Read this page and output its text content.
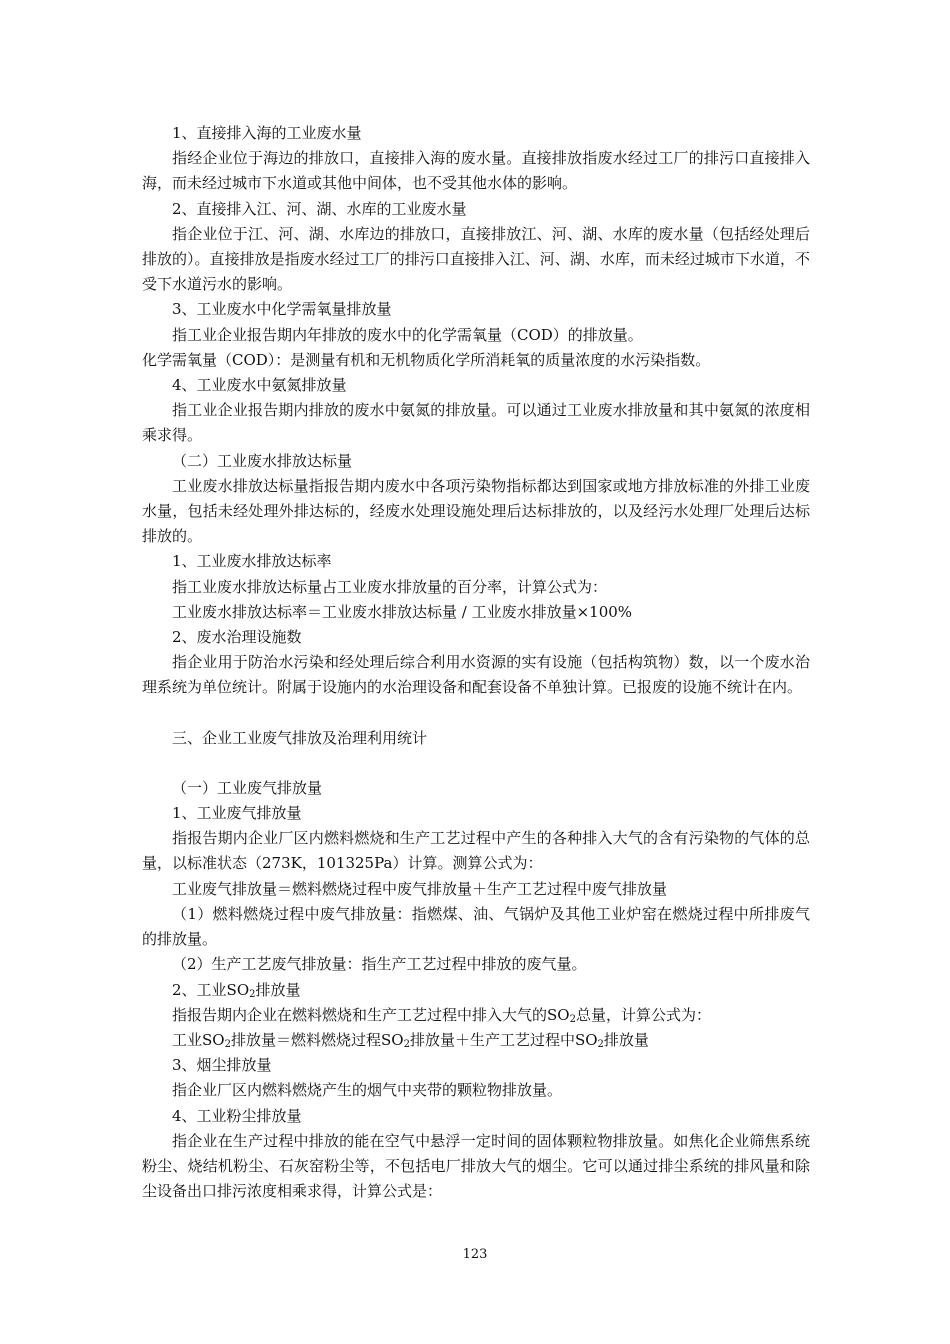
1、直接排入海的工业废水量

指经企业位于海边的排放口，直接排入海的废水量。直接排放指废水经过工厂的排污口直接排入海，而未经过城市下水道或其他中间体，也不受其他水体的影响。

2、直接排入江、河、湖、水库的工业废水量

指企业位于江、河、湖、水库边的排放口，直接排放江、河、湖、水库的废水量（包括经处理后排放的）。直接排放是指废水经过工厂的排污口直接排入江、河、湖、水库，而未经过城市下水道，不受下水道污水的影响。

3、工业废水中化学需氧量排放量

指工业企业报告期内年排放的废水中的化学需氧量（COD）的排放量。

化学需氧量（COD）：是测量有机和无机物质化学所消耗氧的质量浓度的水污染指数。

4、工业废水中氨氮排放量

指工业企业报告期内排放的废水中氨氮的排放量。可以通过工业废水排放量和其中氨氮的浓度相乘求得。

（二）工业废水排放达标量

工业废水排放达标量指报告期内废水中各项污染物指标都达到国家或地方排放标准的外排工业废水量，包括未经处理外排达标的，经废水处理设施处理后达标排放的，以及经污水处理厂处理后达标排放的。

1、工业废水排放达标率

指工业废水排放达标量占工业废水排放量的百分率，计算公式为：

工业废水排放达标率＝工业废水排放达标量 / 工业废水排放量×100%

2、废水治理设施数

指企业用于防治水污染和经处理后综合利用水资源的实有设施（包括构筑物）数，以一个废水治理系统为单位统计。附属于设施内的水治理设备和配套设备不单独计算。已报废的设施不统计在内。

三、企业工业废气排放及治理利用统计

（一）工业废气排放量

1、工业废气排放量

指报告期内企业厂区内燃料燃烧和生产工艺过程中产生的各种排入大气的含有污染物的气体的总量，以标准状态（273K，101325Pa）计算。测算公式为：

工业废气排放量＝燃料燃烧过程中废气排放量＋生产工艺过程中废气排放量

（1）燃料燃烧过程中废气排放量：指燃煤、油、气锅炉及其他工业炉窑在燃烧过程中所排废气的排放量。

（2）生产工艺废气排放量：指生产工艺过程中排放的废气量。

2、工业$SO_2$排放量

指报告期内企业在燃料燃烧和生产工艺过程中排入大气的$SO_2$总量，计算公式为：

工业$SO_2$排放量＝燃料燃烧过程$SO_2$排放量＋生产工艺过程中$SO_2$排放量

3、烟尘排放量

指企业厂区内燃料燃烧产生的烟气中夹带的颗粒物排放量。

4、工业粉尘排放量

指企业在生产过程中排放的能在空气中悬浮一定时间的固体颗粒物排放量。如焦化企业筛焦系统粉尘、烧结机粉尘、石灰窑粉尘等，不包括电厂排放大气的烟尘。它可以通过排尘系统的排风量和除尘设备出口排污浓度相乘求得，计算公式是：

123
